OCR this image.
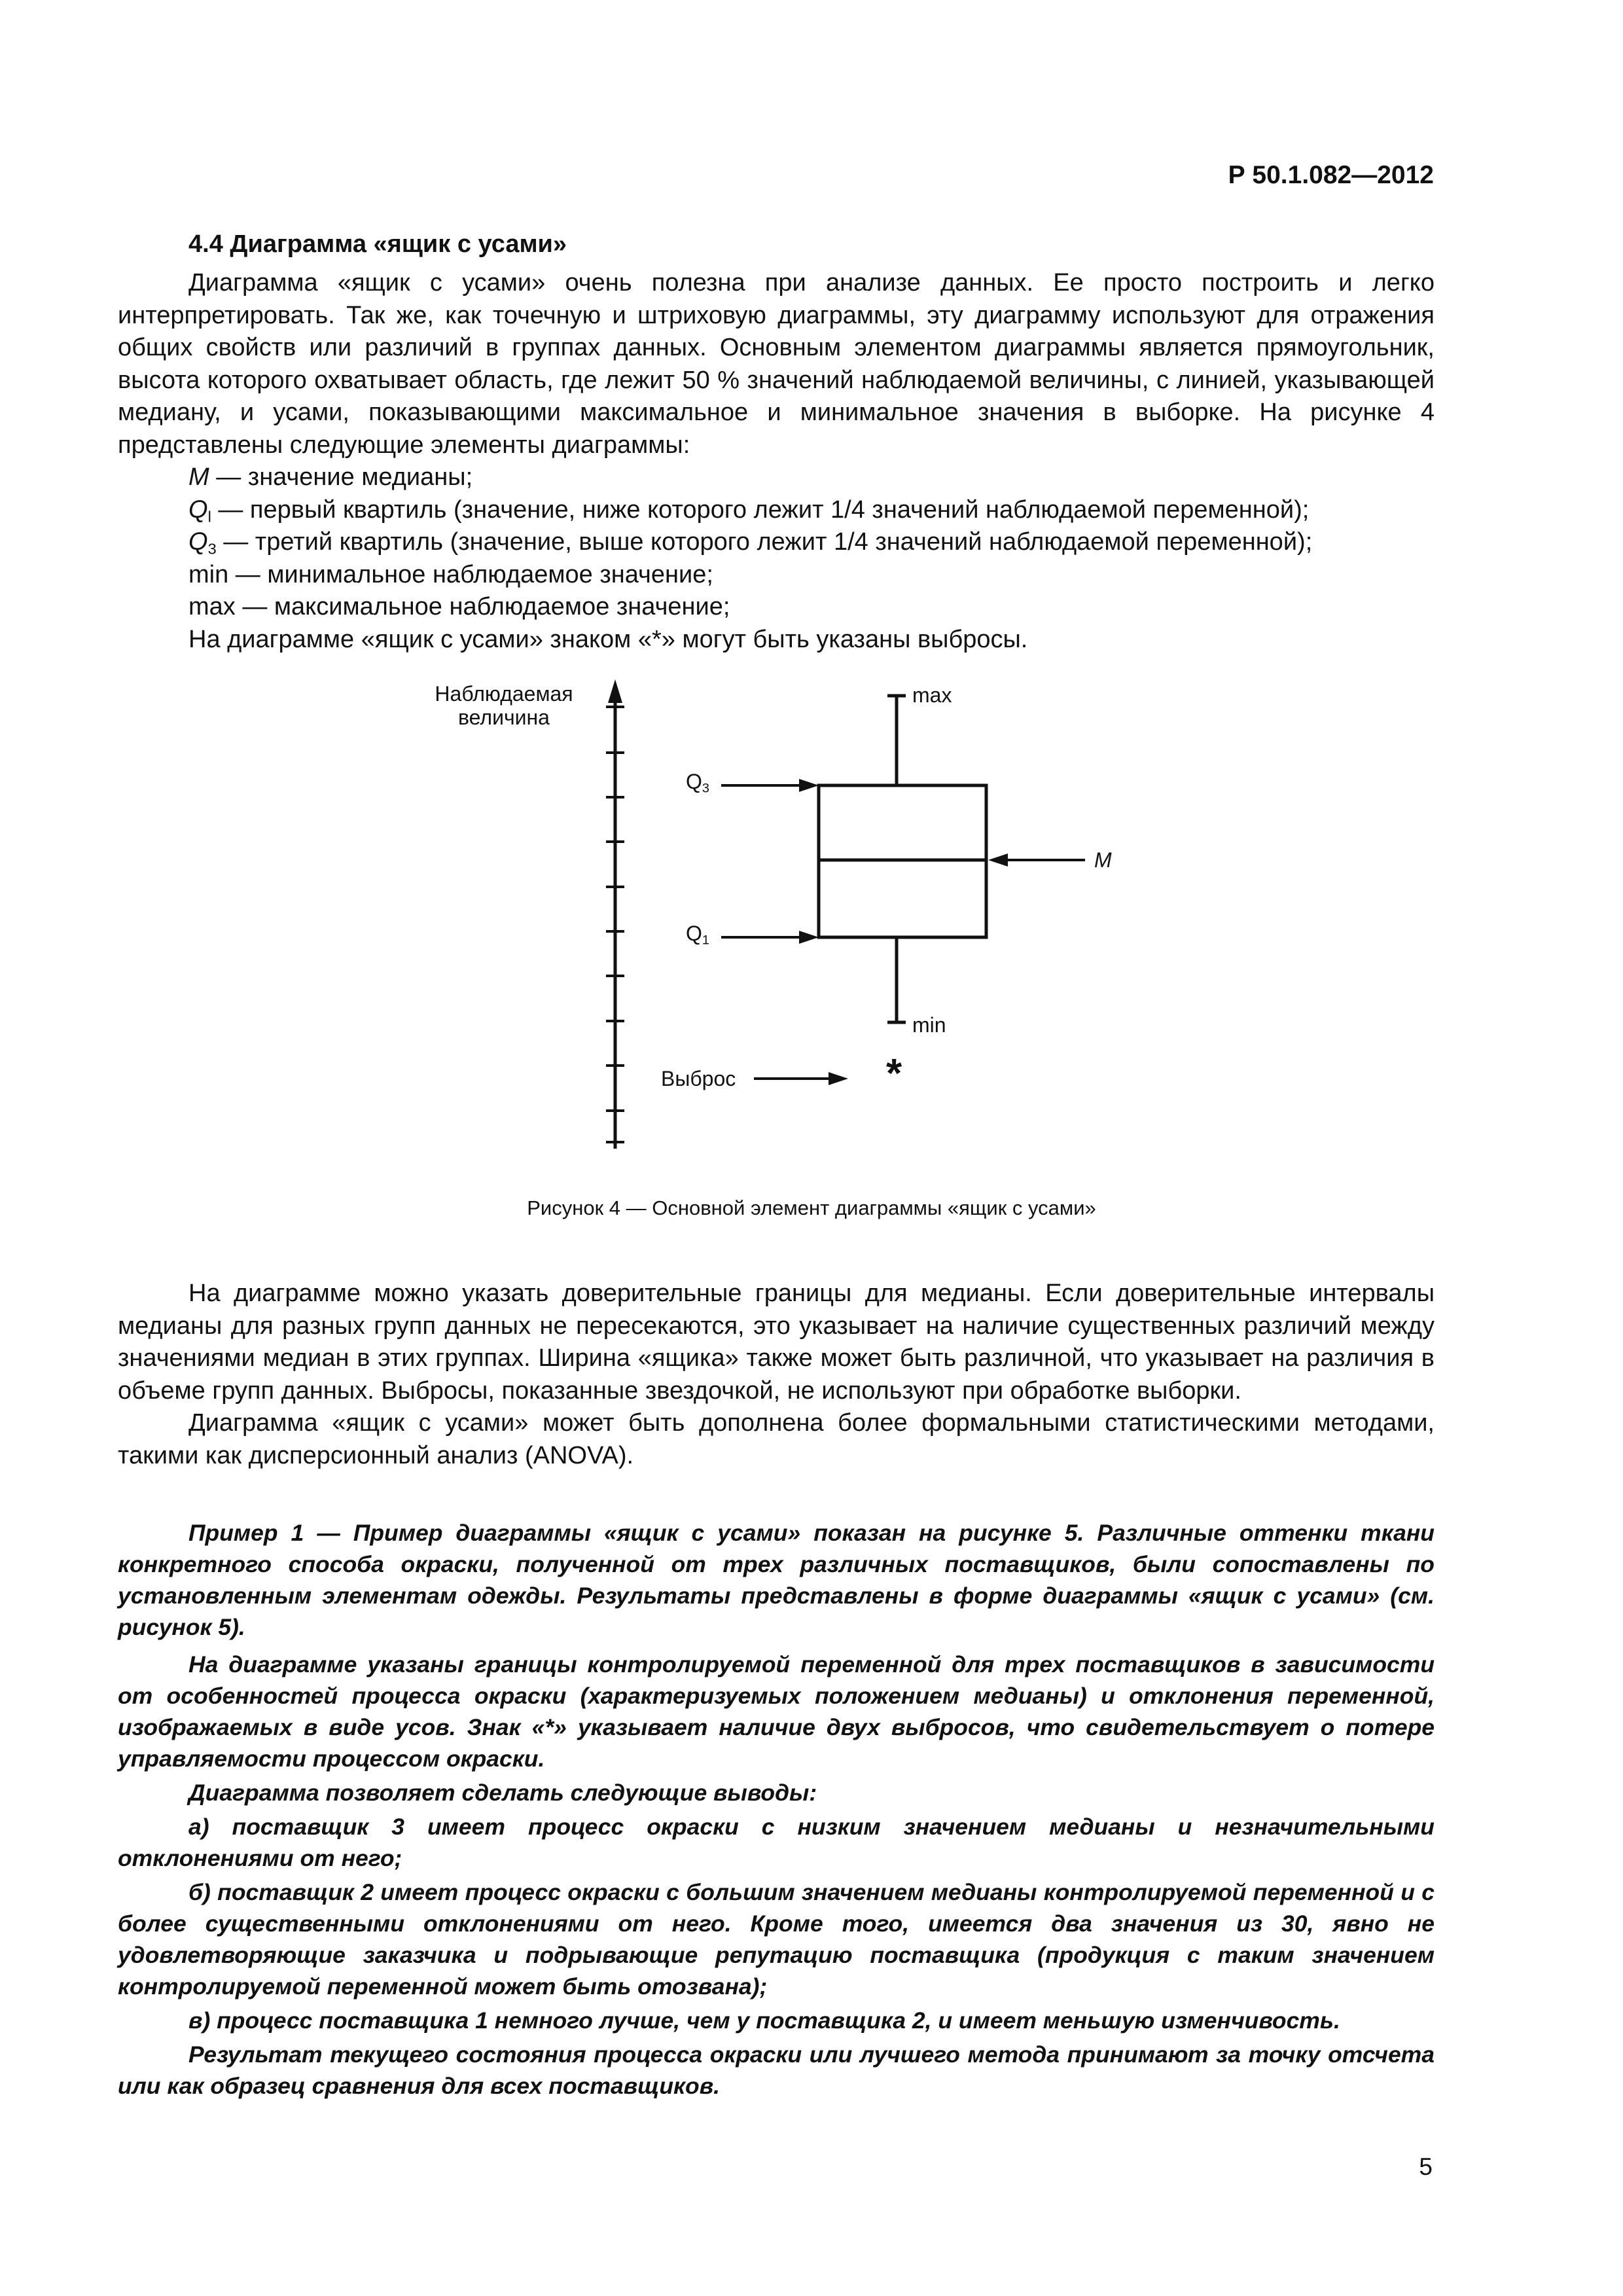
Р 50.1.082—2012
4.4 Диаграмма «ящик с усами»

Диаграмма «ящик с усами» очень полезна при анализе данных. Ее просто построить и легко интерпретировать. Так же, как точечную и штриховую диаграммы, эту диаграмму используют для отражения общих свойств или различий в группах данных. Основным элементом диаграммы является прямоугольник, высота которого охватывает область, где лежит 50 % значений наблюдаемой величины, с линией, указывающей медиану, и усами, показывающими максимальное и минимальное значения в выборке. На рисунке 4 представлены следующие элементы диаграммы:

M — значение медианы;

$Q_l$ — первый квартиль (значение, ниже которого лежит 1/4 значений наблюдаемой переменной);

$Q_3$ — третий квартиль (значение, выше которого лежит 1/4 значений наблюдаемой переменной);

min — минимальное наблюдаемое значение;

max — максимальное наблюдаемое значение;

На диаграмме «ящик с усами» знаком «*» могут быть указаны выбросы.

Наблюдаемая
величина
max
min
$Q_3$
$Q_1$
M
Выброс	*
Рисунок 4 — Основной элемент диаграммы «ящик с усами»

На диаграмме можно указать доверительные границы для медианы. Если доверительные интервалы медианы для разных групп данных не пересекаются, это указывает на наличие существенных различий между значениями медиан в этих группах. Ширина «ящика» также может быть различной, что указывает на различия в объеме групп данных. Выбросы, показанные звездочкой, не используют при обработке выборки.

Диаграмма «ящик с усами» может быть дополнена более формальными статистическими методами, такими как дисперсионный анализ (ANOVA).

Пример 1 — Пример диаграммы «ящик с усами» показан на рисунке 5. Различные оттенки ткани конкретного способа окраски, полученной от трех различных поставщиков, были сопоставлены по установленным элементам одежды. Результаты представлены в форме диаграммы «ящик с усами» (см. рисунок 5).

На диаграмме указаны границы контролируемой переменной для трех поставщиков в зависимости от особенностей процесса окраски (характеризуемых положением медианы) и отклонения переменной, изображаемых в виде усов. Знак «*» указывает наличие двух выбросов, что свидетельствует о потере управляемости процессом окраски.

Диаграмма позволяет сделать следующие выводы:

а) поставщик 3 имеет процесс окраски с низким значением медианы и незначительными отклонениями от него;

б) поставщик 2 имеет процесс окраски с большим значением медианы контролируемой переменной и с более существенными отклонениями от него. Кроме того, имеется два значения из 30, явно не удовлетворяющие заказчика и подрывающие репутацию поставщика (продукция с таким значением контролируемой переменной может быть отозвана);

в) процесс поставщика 1 немного лучше, чем у поставщика 2, и имеет меньшую изменчивость.

Результат текущего состояния процесса окраски или лучшего метода принимают за точку отсчета или как образец сравнения для всех поставщиков.

5
